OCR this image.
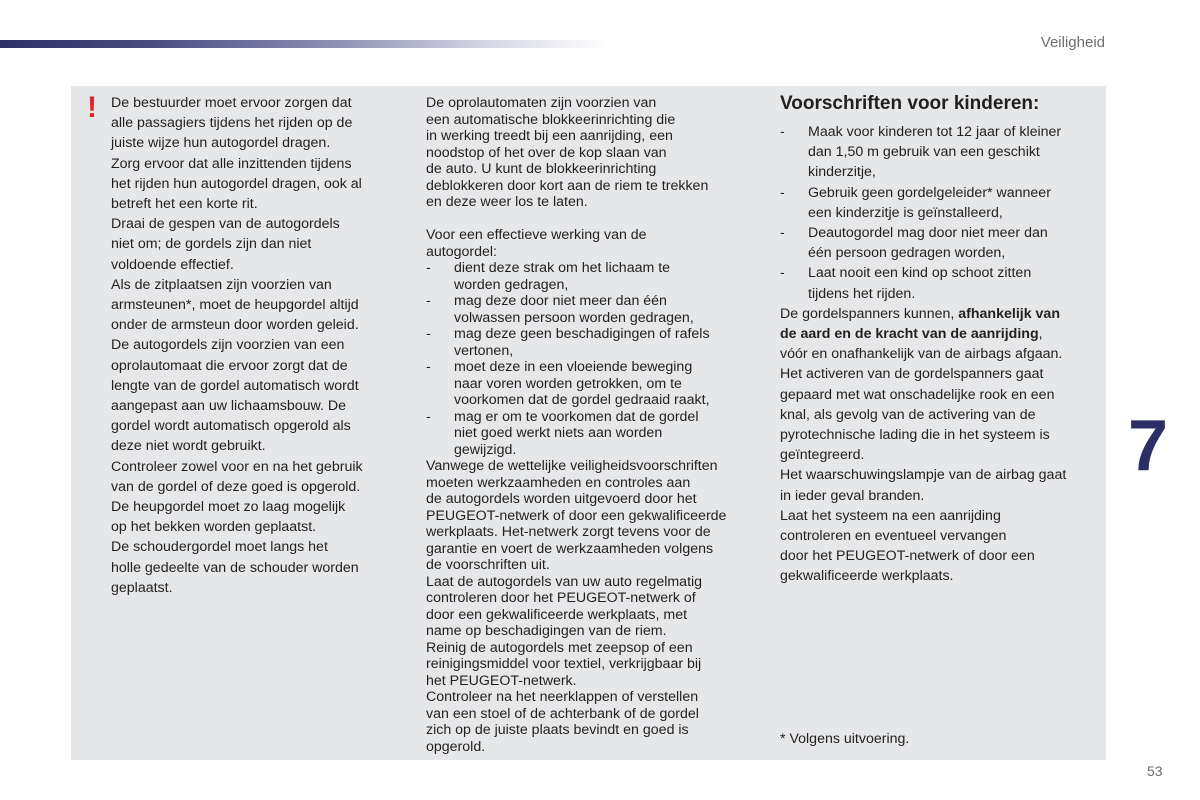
Veiligheid
! De bestuurder moet ervoor zorgen dat
alle passagiers tijdens het rijden op de
juiste wijze hun autogordel dragen.
Zorg ervoor dat alle inzittenden tijdens
het rijden hun autogordel dragen, ook al
betreft het een korte rit.
Draai de gespen van de autogordels
niet om; de gordels zijn dan niet
voldoende effectief.
Als de zitplaatsen zijn voorzien van
armsteunen*, moet de heupgordel altijd
onder de armsteun door worden geleid.
De autogordels zijn voorzien van een
oprolautomaat die ervoor zorgt dat de
lengte van de gordel automatisch wordt
aangepast aan uw lichaamsbouw. De
gordel wordt automatisch opgerold als
deze niet wordt gebruikt.
Controleer zowel voor en na het gebruik
van de gordel of deze goed is opgerold.
De heupgordel moet zo laag mogelijk
op het bekken worden geplaatst.
De schoudergordel moet langs het
holle gedeelte van de schouder worden
geplaatst.
De oprolautomaten zijn voorzien van
een automatische blokkeerinrichting die
in werking treedt bij een aanrijding, een
noodstop of het over de kop slaan van
de auto. U kunt de blokkeerinrichting
deblokkeren door kort aan de riem te trekken
en deze weer los te laten.
Voor een effectieve werking van de
autogordel:
-	dient deze strak om het lichaam te
worden gedragen,
-	mag deze door niet meer dan één
volwassen persoon worden gedragen,
-	mag deze geen beschadigingen of rafels
vertonen,
-	moet deze in een vloeiende beweging
naar voren worden getrokken, om te
voorkomen dat de gordel gedraaid raakt,
-	mag er om te voorkomen dat de gordel
niet goed werkt niets aan worden
gewijzigd.
Vanwege de wettelijke veiligheidsvoorschriften
moeten werkzaamheden en controles aan
de autogordels worden uitgevoerd door het
PEUGEOT-netwerk of door een gekwalificeerde
werkplaats. Het-netwerk zorgt tevens voor de
garantie en voert de werkzaamheden volgens
de voorschriften uit.
Laat de autogordels van uw auto regelmatig
controleren door het PEUGEOT-netwerk of
door een gekwalificeerde werkplaats, met
name op beschadigingen van de riem.
Reinig de autogordels met zeepsop of een
reinigingsmiddel voor textiel, verkrijgbaar bij
het PEUGEOT-netwerk.
Controleer na het neerklappen of verstellen
van een stoel of de achterbank of de gordel
zich op de juiste plaats bevindt en goed is
opgerold.
Voorschriften voor kinderen:
- Maak voor kinderen tot 12 jaar of kleiner
dan 1,50 m gebruik van een geschikt
kinderzitje,
- Gebruik geen gordelgeleider* wanneer
een kinderzitje is geïnstalleerd,
- Deautogordel mag door niet meer dan
één persoon gedragen worden,
- Laat nooit een kind op schoot zitten
tijdens het rijden.
De gordelspanners kunnen, afhankelijk van
de aard en de kracht van de aanrijding,
vóór en onafhankelijk van de airbags afgaan.
Het activeren van de gordelspanners gaat
gepaard met wat onschadelijke rook en een
knal, als gevolg van de activering van de
pyrotechnische lading die in het systeem is
geïntegreerd.
Het waarschuwingslampje van de airbag gaat
in ieder geval branden.
Laat het systeem na een aanrijding
controleren en eventueel vervangen
door het PEUGEOT-netwerk of door een
gekwalificeerde werkplaats.
* Volgens uitvoering.
7
53
